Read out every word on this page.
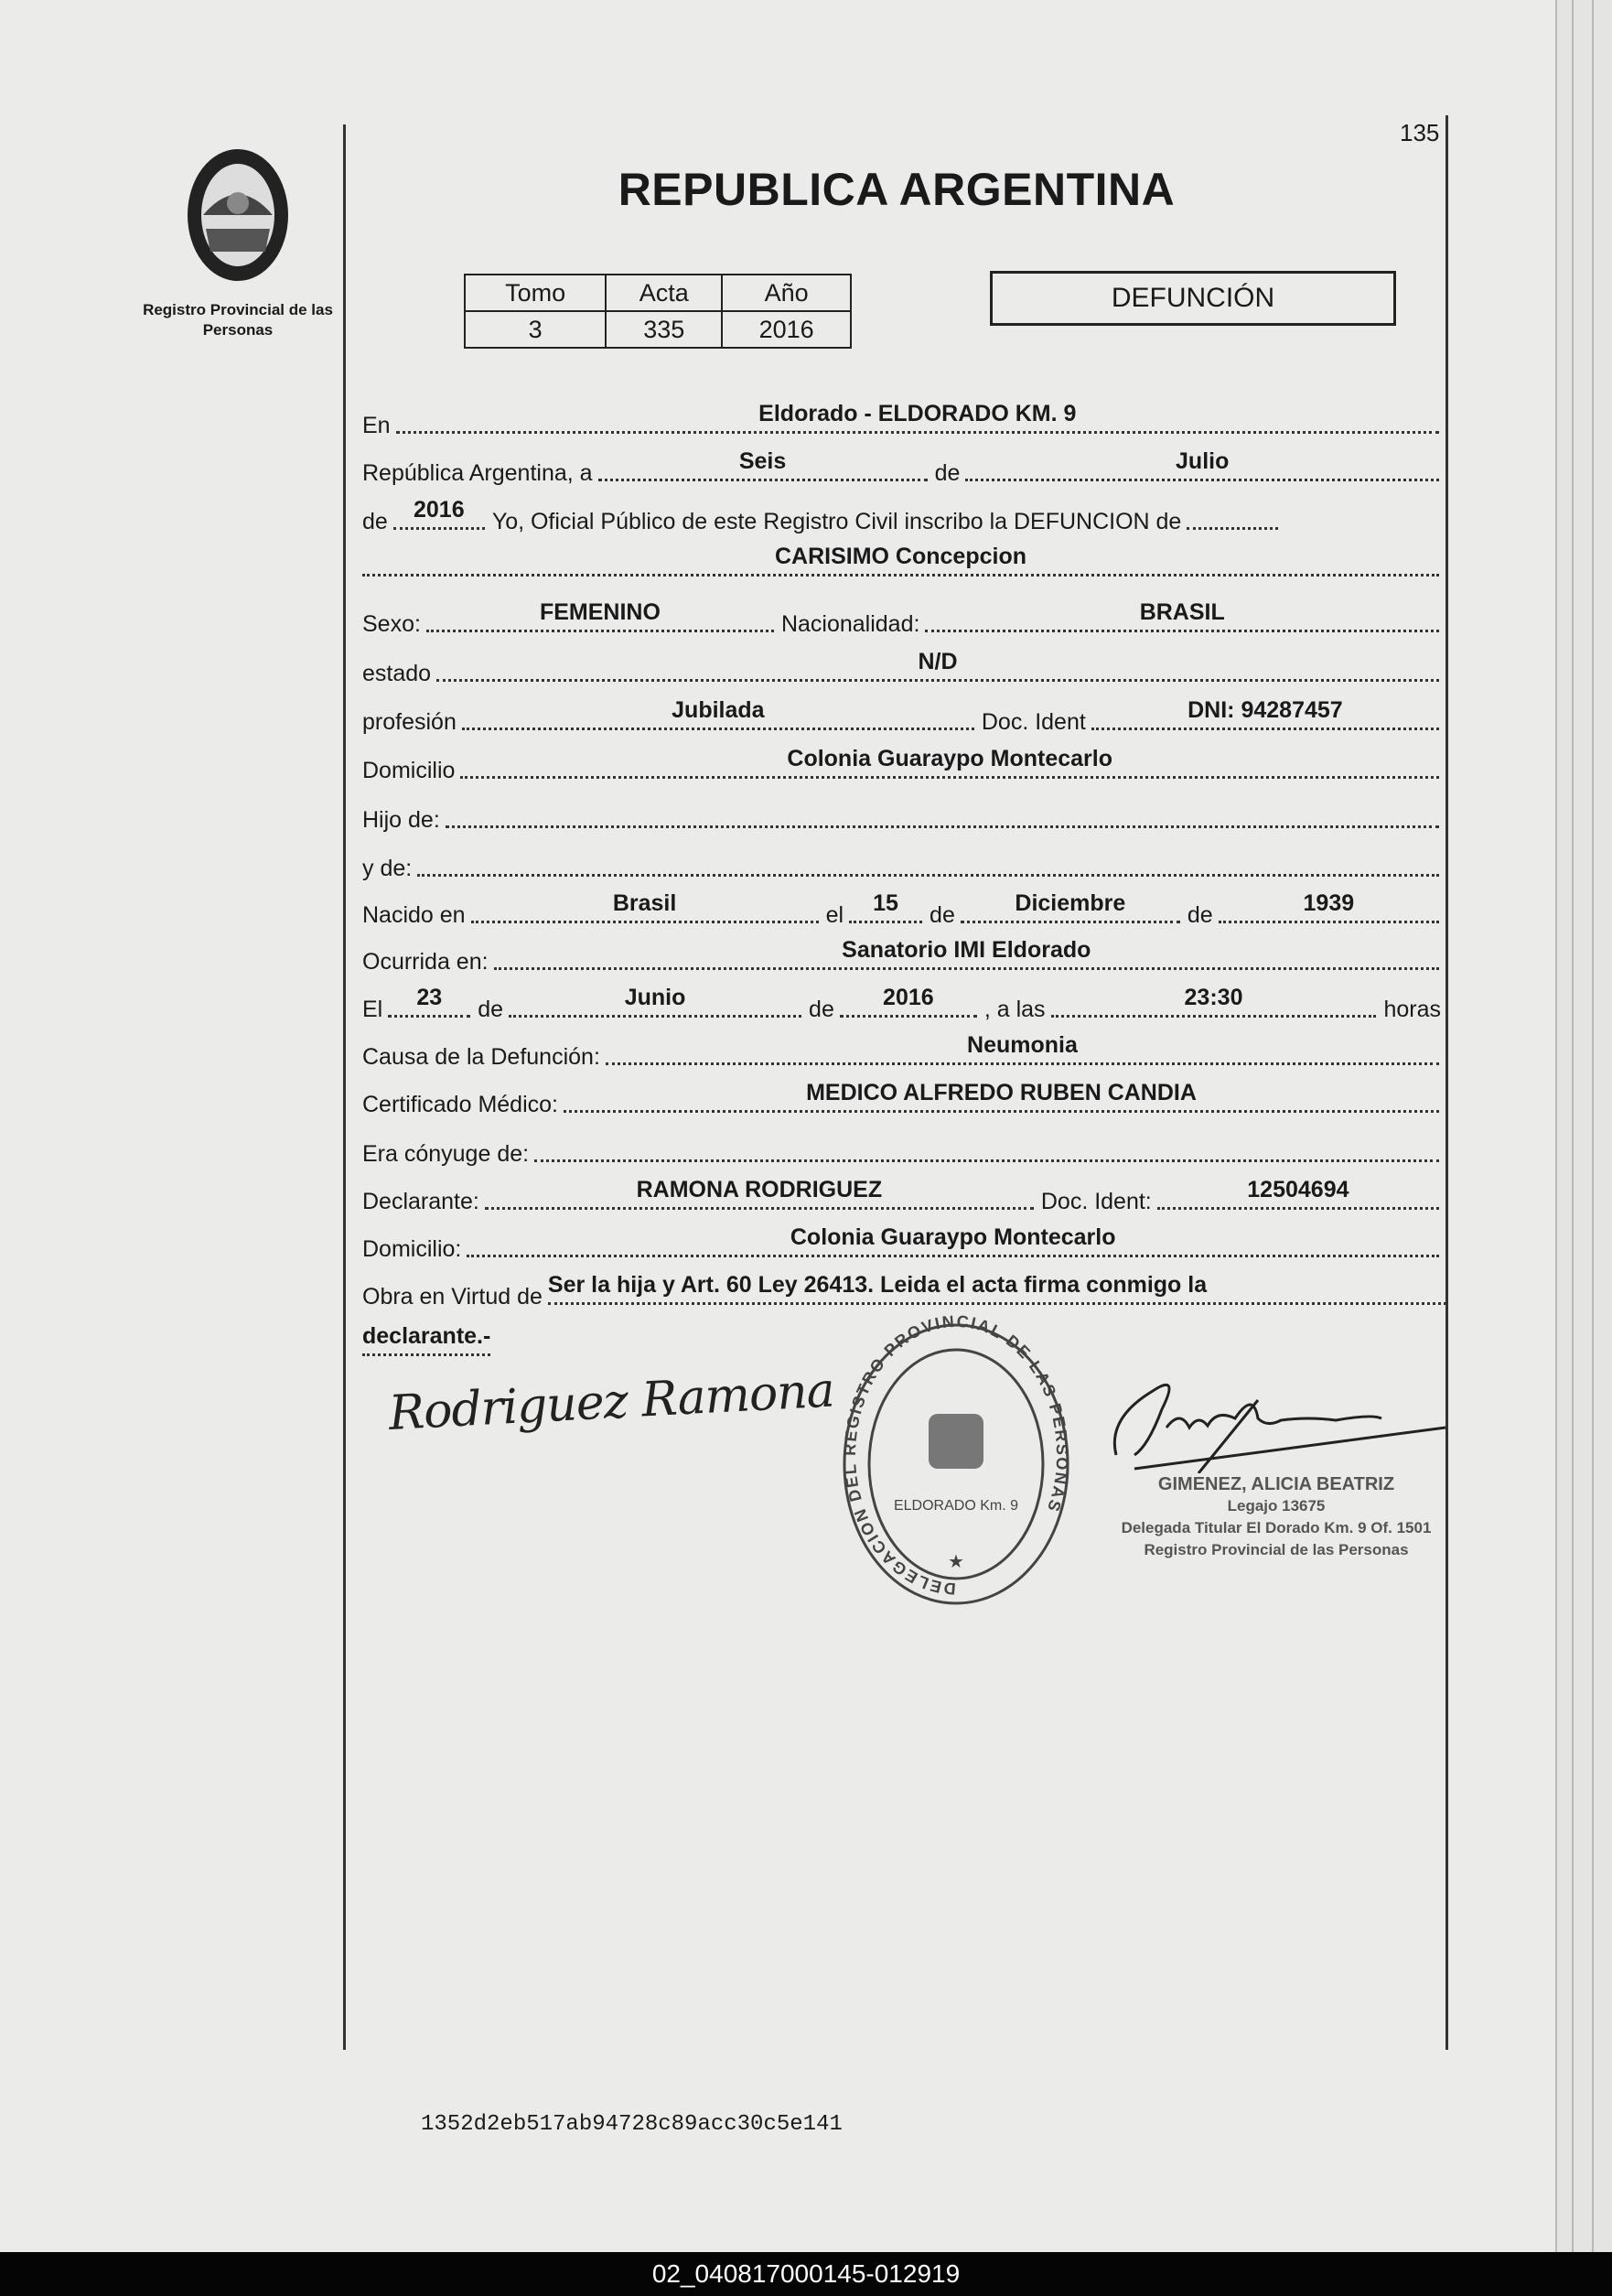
135
Registro Provincial de las Personas
REPUBLICA ARGENTINA
Tomo	Acta	Año
3	335	2016
DEFUNCIÓN
En	Eldorado - ELDORADO KM. 9
República Argentina, a	Seis	de	Julio
de	2016	Yo, Oficial Público de este Registro Civil inscribo la DEFUNCION de
CARISIMO Concepcion
Sexo:	FEMENINO	Nacionalidad:	BRASIL
estado	N/D
profesión	Jubilada	Doc. Ident	DNI: 94287457
Domicilio	Colonia Guaraypo Montecarlo
Hijo de:
y de:
Nacido en	Brasil	el	15	de	Diciembre	de	1939
Ocurrida en:	Sanatorio IMI Eldorado
El	23	de	Junio	de	2016	, a las	23:30	horas
Causa de la Defunción:	Neumonia
Certificado Médico:	MEDICO ALFREDO RUBEN CANDIA
Era cónyuge de:
Declarante:	RAMONA RODRIGUEZ	Doc. Ident:	12504694
Domicilio:	Colonia Guaraypo Montecarlo
Obra en Virtud de Ser la hija y Art. 60 Ley 26413. Leida el acta firma conmigo la
declarante.-
Rodriguez Ramona
DELEGACION DEL REGISTRO PROVINCIAL DE LAS PERSONAS
ELDORADO Km. 9
★
GIMENEZ, ALICIA BEATRIZ
Legajo 13675
Delegada Titular El Dorado Km. 9 Of. 1501
Registro Provincial de las Personas
1352d2eb517ab94728c89acc30c5e141
02_040817000145-012919
